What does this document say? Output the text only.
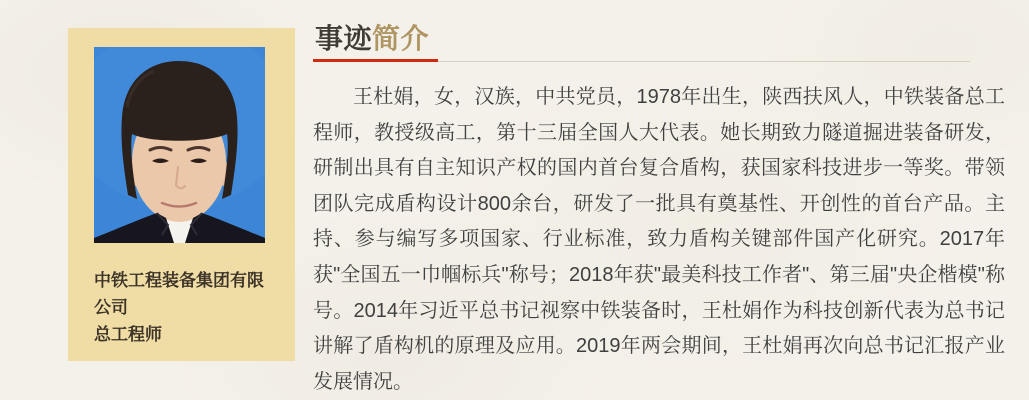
中铁工程装备集团有限公司
总工程师
事迹简介

王杜娟，女，汉族，中共党员，1978年出生，陕西扶风人，中铁装备总工程师，教授级高工，第十三届全国人大代表。她长期致力隧道掘进装备研发，研制出具有自主知识产权的国内首台复合盾构，获国家科技进步一等奖。带领团队完成盾构设计800余台，研发了一批具有奠基性、开创性的首台产品。主持、参与编写多项国家、行业标准，致力盾构关键部件国产化研究。2017年获"全国五一巾帼标兵"称号；2018年获"最美科技工作者"、第三届"央企楷模"称号。2014年习近平总书记视察中铁装备时，王杜娟作为科技创新代表为总书记讲解了盾构机的原理及应用。2019年两会期间，王杜娟再次向总书记汇报产业发展情况。
